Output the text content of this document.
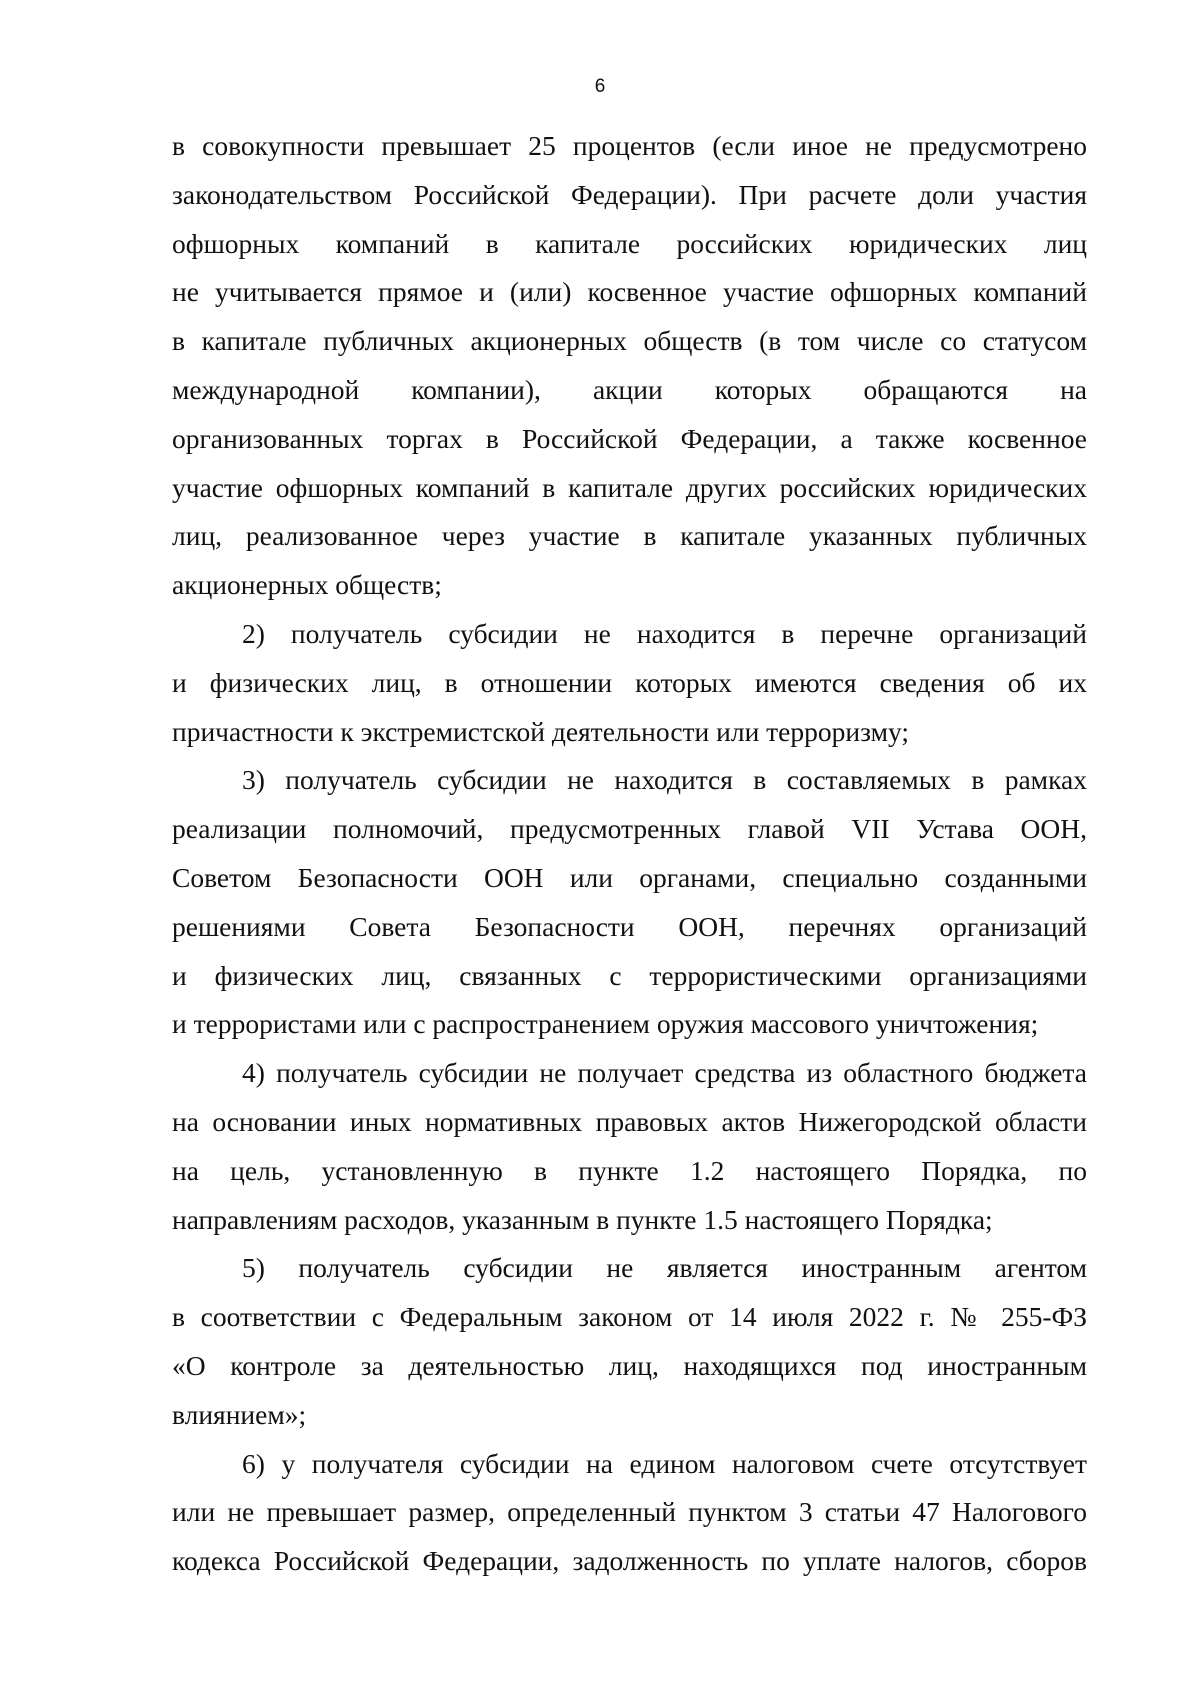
6
в совокупности превышает 25 процентов (если иное не предусмотрено
законодательством Российской Федерации). При расчете доли участия
офшорных компаний в капитале российских юридических лиц
не учитывается прямое и (или) косвенное участие офшорных компаний
в капитале публичных акционерных обществ (в том числе со статусом
международной компании), акции которых обращаются на
организованных торгах в Российской Федерации, а также косвенное
участие офшорных компаний в капитале других российских юридических
лиц, реализованное через участие в капитале указанных публичных
акционерных обществ;
2) получатель субсидии не находится в перечне организаций
и физических лиц, в отношении которых имеются сведения об их
причастности к экстремистской деятельности или терроризму;
3) получатель субсидии не находится в составляемых в рамках
реализации полномочий, предусмотренных главой VII Устава ООН,
Советом Безопасности ООН или органами, специально созданными
решениями Совета Безопасности ООН, перечнях организаций
и физических лиц, связанных с террористическими организациями
и террористами или с распространением оружия массового уничтожения;
4) получатель субсидии не получает средства из областного бюджета
на основании иных нормативных правовых актов Нижегородской области
на цель, установленную в пункте 1.2 настоящего Порядка, по
направлениям расходов, указанным в пункте 1.5 настоящего Порядка;
5) получатель субсидии не является иностранным агентом
в соответствии с Федеральным законом от 14 июля 2022 г. № 255-ФЗ
«О контроле за деятельностью лиц, находящихся под иностранным
влиянием»;
6) у получателя субсидии на едином налоговом счете отсутствует
или не превышает размер, определенный пунктом 3 статьи 47 Налогового
кодекса Российской Федерации, задолженность по уплате налогов, сборов
